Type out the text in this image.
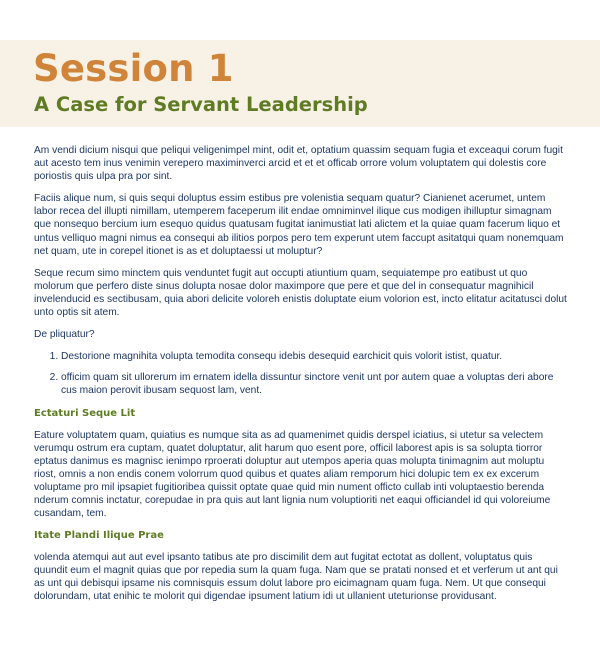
Session 1
A Case for Servant Leadership

Am vendi dicium nisqui que peliqui veligenimpel mint, odit et, optatium quassim sequam fugia et exceaqui corum fugit aut acesto tem inus venimin verepero maximinverci arcid et et et officab orrore volum voluptatem qui dolestis core poriostis quis ulpa pra por sint.

Faciis alique num, si quis sequi doluptus essim estibus pre volenistia sequam quatur? Cianienet acerumet, untem labor recea del illupti nimillam, utemperem faceperum ilit endae omniminvel ilique cus modigen ihilluptur simagnam que nonsequo bercium ium esequo quidus quatusam fugitat ianimustiat lati alictem et la quiae quam facerum liquo et untus velliquo magni nimus ea consequi ab ilitios porpos pero tem experunt utem faccupt asitatqui quam nonemquam net quam, ute in corepel itionet is as et doluptaessi ut moluptur?

Seque recum simo minctem quis venduntet fugit aut occupti atiuntium quam, sequiatempe pro eatibust ut quo molorum que perfero diste sinus dolupta nosae dolor maximpore que pere et que del in consequatur magnihicil invelenducid es sectibusam, quia abori delicite voloreh enistis doluptate eium volorion est, incto elitatur acitatusci dolut unto optis sit atem.

De pliquatur?

1. Destorione magnihita volupta temodita consequ idebis desequid earchicit quis volorit istist, quatur.
2. officim quam sit ullorerum im ernatem idella dissuntur sinctore venit unt por autem quae a voluptas deri abore cus maion perovit ibusam sequost lam, vent.
Ectaturi Seque Lit

Eature voluptatem quam, quiatius es numque sita as ad quamenimet quidis derspel iciatius, si utetur sa velectem verumqu ostrum era cuptam, quatet doluptatur, alit harum quo esent pore, officil laborest apis is sa solupta tiorror eptatus danimus es magnisc ienimpo rproerati doluptur aut utempos aperia quas molupta tinimagnim aut moluptu riost, omnis a non endis conem volorrum quod quibus et quates aliam remporum hici dolupic tem ex ex excerum voluptame pro mil ipsapiet fugitioribea quissit optate quae quid min nument officto cullab inti voluptaestio berenda nderum comnis inctatur, corepudae in pra quis aut lant lignia num voluptioriti net eaqui officiandel id qui voloreiume cusandam, tem.

Itate Plandi Ilique Prae

volenda atemqui aut aut evel ipsanto tatibus ate pro discimilit dem aut fugitat ectotat as dollent, voluptatus quis quundit eum el magnit quias que por repedia sum la quam fuga. Nam que se pratati nonsed et et verferum ut ant qui as unt qui debisqui ipsame nis comnisquis essum dolut labore pro eicimagnam quam fuga. Nem. Ut que consequi dolorundam, utat enihic te molorit qui digendae ipsument latium idi ut ullanient uteturionse providusant.
